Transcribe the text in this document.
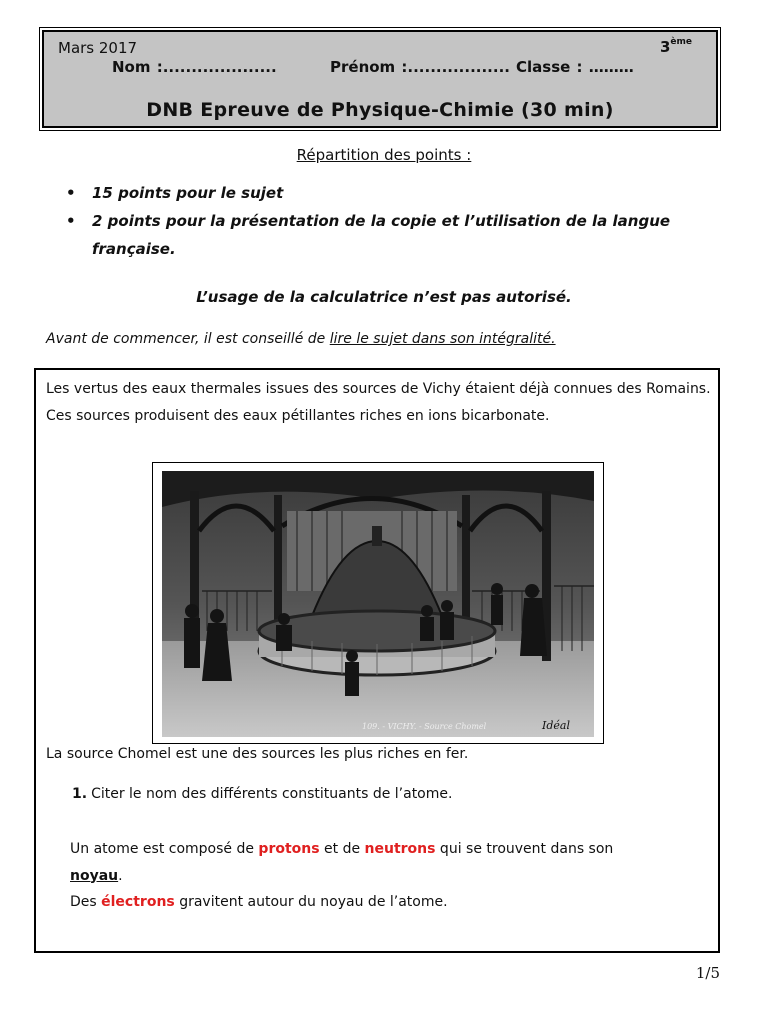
Mars 2017	3ème
Nom :....................	Prénom :.................. Classe : ………
DNB Epreuve de Physique-Chimie (30 min)
Répartition des points :
• 15 points pour le sujet
• 2 points pour la présentation de la copie et l’utilisation de la langue française.
L’usage de la calculatrice n’est pas autorisé.
Avant de commencer, il est conseillé de lire le sujet dans son intégralité.
Les vertus des eaux thermales issues des sources de Vichy étaient déjà connues des Romains. Ces sources produisent des eaux pétillantes riches en ions bicarbonate.
109. - VICHY. - Source Chomel	Idéal
La source Chomel est une des sources les plus riches en fer.
1. Citer le nom des différents constituants de l’atome.
Un atome est composé de protons et de neutrons qui se trouvent dans son
noyau.
Des électrons gravitent autour du noyau de l’atome.
1/5
